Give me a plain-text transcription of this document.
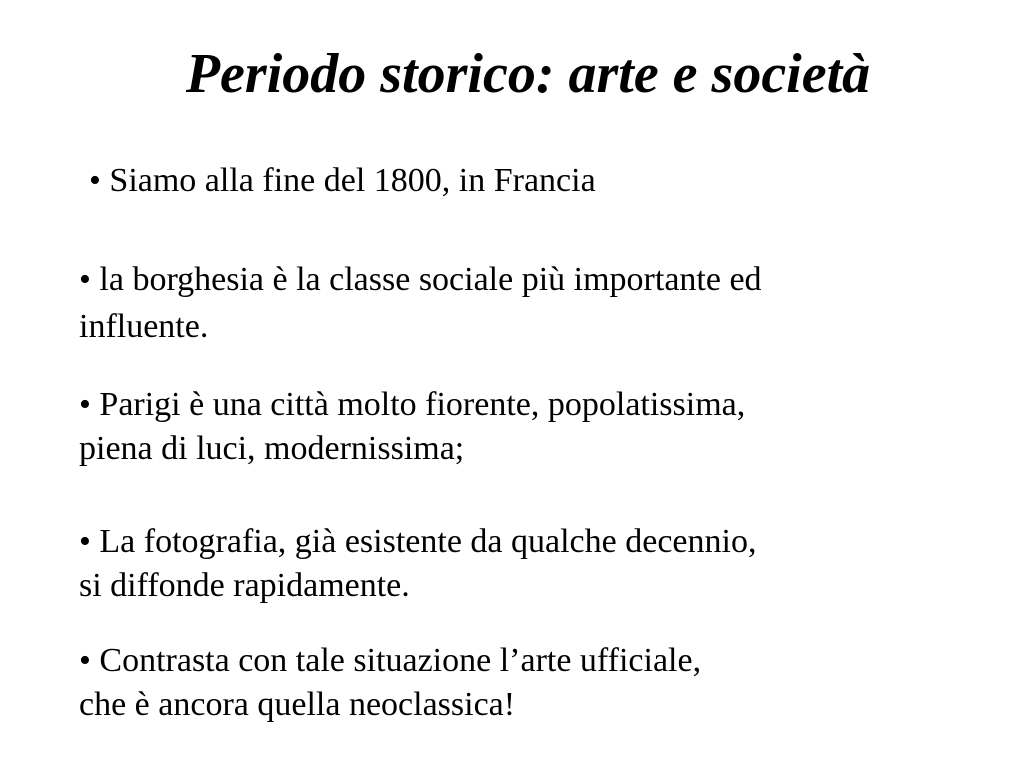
Periodo storico: arte e società
• Siamo alla fine del 1800, in Francia
• la borghesia è la classe sociale più importante ed
influente.
• Parigi è una città molto fiorente, popolatissima,
piena di luci, modernissima;
• La fotografia, già esistente da qualche decennio,
si diffonde rapidamente.
• Contrasta con tale situazione l’arte ufficiale,
che è ancora quella neoclassica!
